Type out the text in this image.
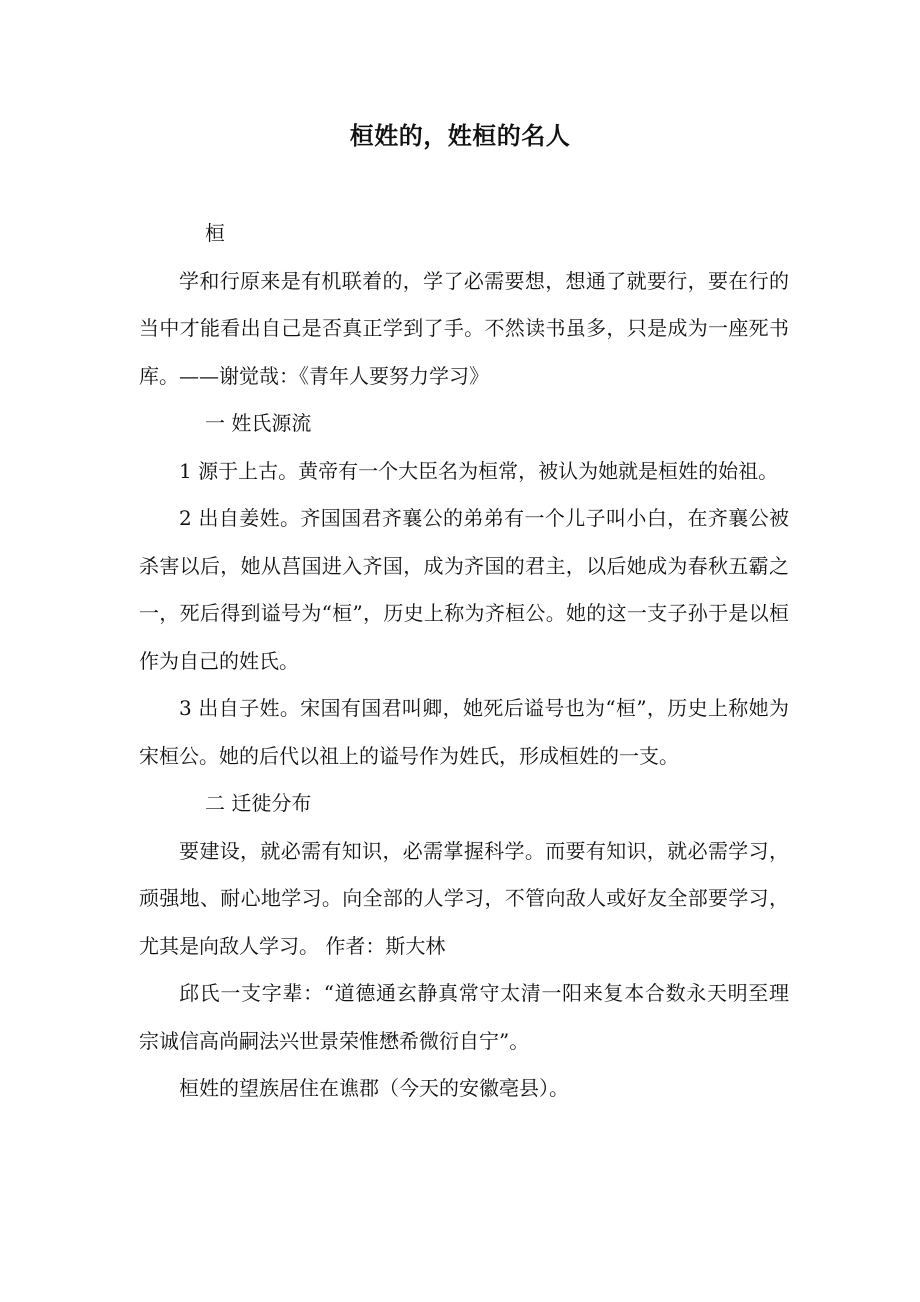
桓姓的，姓桓的名人

桓

学和行原来是有机联着的，学了必需要想，想通了就要行，要在行的当中才能看出自己是否真正学到了手。不然读书虽多，只是成为一座死书库。——谢觉哉：《青年人要努力学习》

一 姓氏源流

1 源于上古。黄帝有一个大臣名为桓常，被认为她就是桓姓的始祖。

2 出自姜姓。齐国国君齐襄公的弟弟有一个儿子叫小白，在齐襄公被杀害以后，她从莒国进入齐国，成为齐国的君主，以后她成为春秋五霸之一，死后得到谥号为“桓”，历史上称为齐桓公。她的这一支子孙于是以桓作为自己的姓氏。

3 出自子姓。宋国有国君叫卿，她死后谥号也为“桓”，历史上称她为宋桓公。她的后代以祖上的谥号作为姓氏，形成桓姓的一支。

二 迁徙分布

要建设，就必需有知识，必需掌握科学。而要有知识，就必需学习，顽强地、耐心地学习。向全部的人学习，不管向敌人或好友全部要学习，尤其是向敌人学习。 作者：斯大林

邱氏一支字辈：“道德通玄静真常守太清一阳来复本合数永天明至理宗诚信高尚嗣法兴世景荣惟懋希微衍自宁”。

桓姓的望族居住在谯郡（今天的安徽亳县）。
